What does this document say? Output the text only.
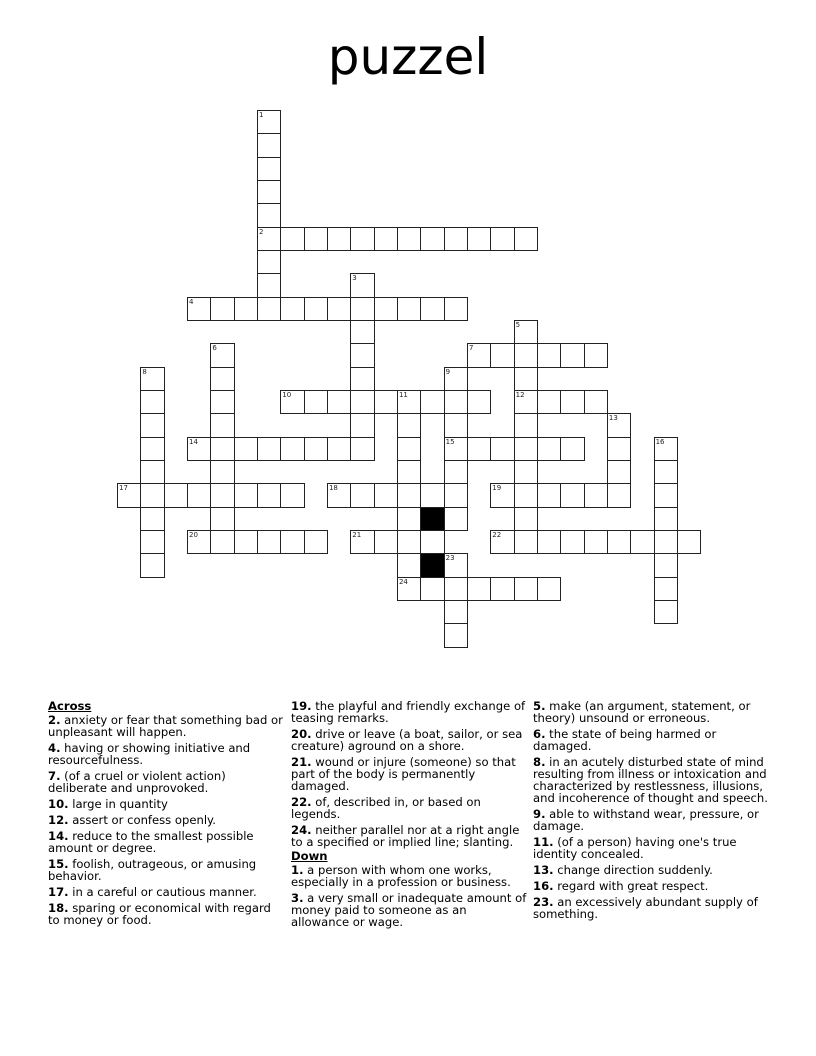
puzzel
1
2
3
4
5
12
6	7
8	9
15
10	11
24
13
14	16
17	18	19
20	21	22
23
Across
2. anxiety or fear that something bad or unpleasant will happen.
4. having or showing initiative and resourcefulness.
7. (of a cruel or violent action) deliberate and unprovoked.
10. large in quantity
12. assert or confess openly.
14. reduce to the smallest possible amount or degree.
15. foolish, outrageous, or amusing behavior.
17. in a careful or cautious manner.
18. sparing or economical with regard to money or food.
19. the playful and friendly exchange of teasing remarks.
20. drive or leave (a boat, sailor, or sea creature) aground on a shore.
21. wound or injure (someone) so that part of the body is permanently damaged.
22. of, described in, or based on legends.
24. neither parallel nor at a right angle to a specified or implied line; slanting.
Down
1. a person with whom one works, especially in a profession or business.
3. a very small or inadequate amount of money paid to someone as an allowance or wage.
5. make (an argument, statement, or theory) unsound or erroneous.
6. the state of being harmed or damaged.
8. in an acutely disturbed state of mind resulting from illness or intoxication and characterized by restlessness, illusions, and incoherence of thought and speech.
9. able to withstand wear, pressure, or damage.
11. (of a person) having one's true identity concealed.
13. change direction suddenly.
16. regard with great respect.
23. an excessively abundant supply of something.
